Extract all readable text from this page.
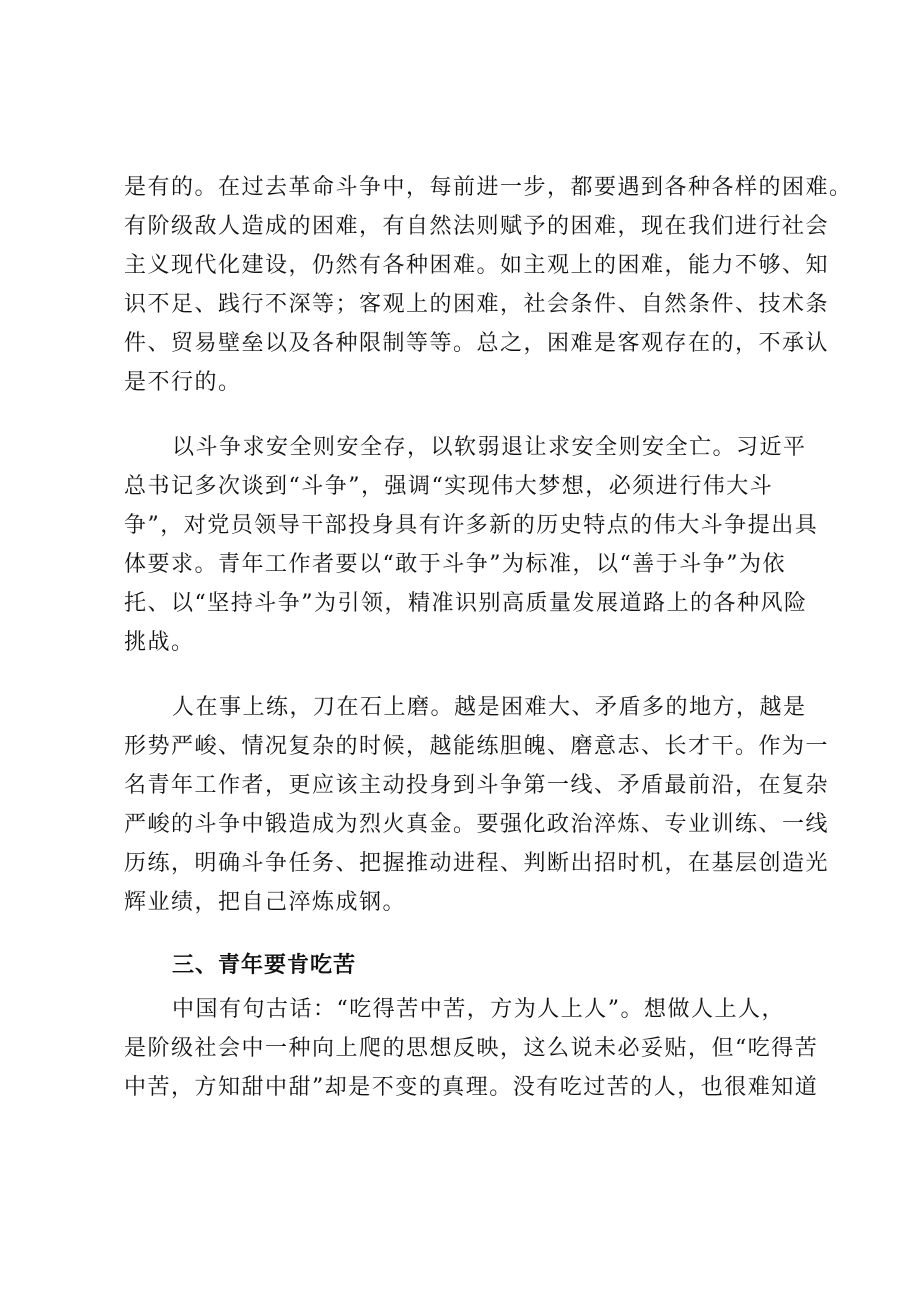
是有的。在过去革命斗争中，每前进一步，都要遇到各种各样的困难。
有阶级敌人造成的困难，有自然法则赋予的困难，现在我们进行社会
主义现代化建设，仍然有各种困难。如主观上的困难，能力不够、知
识不足、践行不深等；客观上的困难，社会条件、自然条件、技术条
件、贸易壁垒以及各种限制等等。总之，困难是客观存在的，不承认
是不行的。
以斗争求安全则安全存，以软弱退让求安全则安全亡。习近平
总书记多次谈到“斗争”，强调“实现伟大梦想，必须进行伟大斗
争”，对党员领导干部投身具有许多新的历史特点的伟大斗争提出具
体要求。青年工作者要以“敢于斗争”为标准，以“善于斗争”为依
托、以“坚持斗争”为引领，精准识别高质量发展道路上的各种风险
挑战。
人在事上练，刀在石上磨。越是困难大、矛盾多的地方，越是
形势严峻、情况复杂的时候，越能练胆魄、磨意志、长才干。作为一
名青年工作者，更应该主动投身到斗争第一线、矛盾最前沿，在复杂
严峻的斗争中锻造成为烈火真金。要强化政治淬炼、专业训练、一线
历练，明确斗争任务、把握推动进程、判断出招时机，在基层创造光
辉业绩，把自己淬炼成钢。
三、青年要肯吃苦
中国有句古话：“吃得苦中苦，方为人上人”。想做人上人，
是阶级社会中一种向上爬的思想反映，这么说未必妥贴，但“吃得苦
中苦，方知甜中甜”却是不变的真理。没有吃过苦的人，也很难知道
